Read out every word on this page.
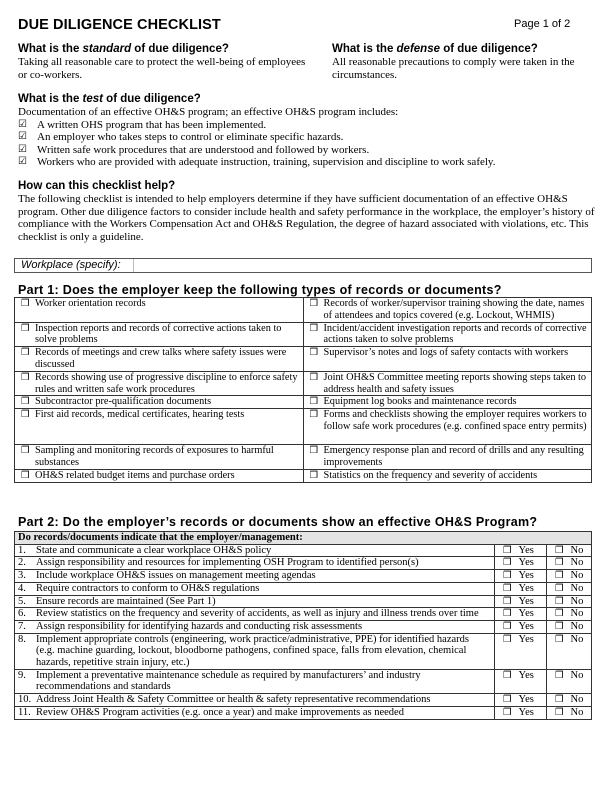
DUE DILIGENCE CHECKLIST	Page 1 of 2
What is the standard of due diligence?
Taking all reasonable care to protect the well-being of employees or co-workers.
What is the defense of due diligence?
All reasonable precautions to comply were taken in the circumstances.
What is the test of due diligence?
Documentation of an effective OH&S program; an effective OH&S program includes:
☑ A written OHS program that has been implemented.
☑ An employer who takes steps to control or eliminate specific hazards.
☑ Written safe work procedures that are understood and followed by workers.
☑ Workers who are provided with adequate instruction, training, supervision and discipline to work safely.
How can this checklist help?
The following checklist is intended to help employers determine if they have sufficient documentation of an effective OH&S program. Other due diligence factors to consider include health and safety performance in the workplace, the employer’s history of compliance with the Workers Compensation Act and OH&S Regulation, the degree of hazard associated with violations, etc. This checklist is only a guideline.
Workplace (specify):
Part 1: Does the employer keep the following types of records or documents?
❒ Worker orientation records	❒ Records of worker/supervisor training showing the date, names of attendees and topics covered (e.g. Lockout, WHMIS)

❒ Inspection reports and records of corrective actions taken to solve problems	❒ Incident/accident investigation reports and records of corrective actions taken to solve problems

❒ Records of meetings and crew talks where safety issues were discussed	❒ Supervisor’s notes and logs of safety contacts with workers

❒ Records showing use of progressive discipline to enforce safety rules and written safe work procedures	❒ Joint OH&S Committee meeting reports showing steps taken to address health and safety issues

❒ Subcontractor pre-qualification documents	❒ Equipment log books and maintenance records

❒ First aid records, medical certificates, hearing tests	❒ Forms and checklists showing the employer requires workers to follow safe work procedures (e.g. confined space entry permits)

❒ Sampling and monitoring records of exposures to harmful substances	❒ Emergency response plan and record of drills and any resulting improvements

❒ OH&S related budget items and purchase orders	❒ Statistics on the frequency and severity of accidents
Part 2: Do the employer’s records or documents show an effective OH&S Program?
Do records/documents indicate that the employer/management:		

1. State and communicate a clear workplace OH&S policy	❒ Yes	❒ No

2. Assign responsibility and resources for implementing OSH Program to identified person(s)	❒ Yes	❒ No

3. Include workplace OH&S issues on management meeting agendas	❒ Yes	❒ No

4. Require contractors to conform to OH&S regulations	❒ Yes	❒ No

5. Ensure records are maintained (See Part 1)	❒ Yes	❒ No

6. Review statistics on the frequency and severity of accidents, as well as injury and illness trends over time	❒ Yes	❒ No

7. Assign responsibility for identifying hazards and conducting risk assessments	❒ Yes	❒ No

8. Implement appropriate controls (engineering, work practice/administrative, PPE) for identified hazards (e.g. machine guarding, lockout, bloodborne pathogens, confined space, falls from elevation, chemical hazards, repetitive strain injury, etc.)	❒ Yes	❒ No

9. Implement a preventative maintenance schedule as required by manufacturers’ and industry recommendations and standards	❒ Yes	❒ No

10. Address Joint Health & Safety Committee or health & safety representative recommendations	❒ Yes	❒ No

11. Review OH&S Program activities (e.g. once a year) and make improvements as needed	❒ Yes	❒ No
